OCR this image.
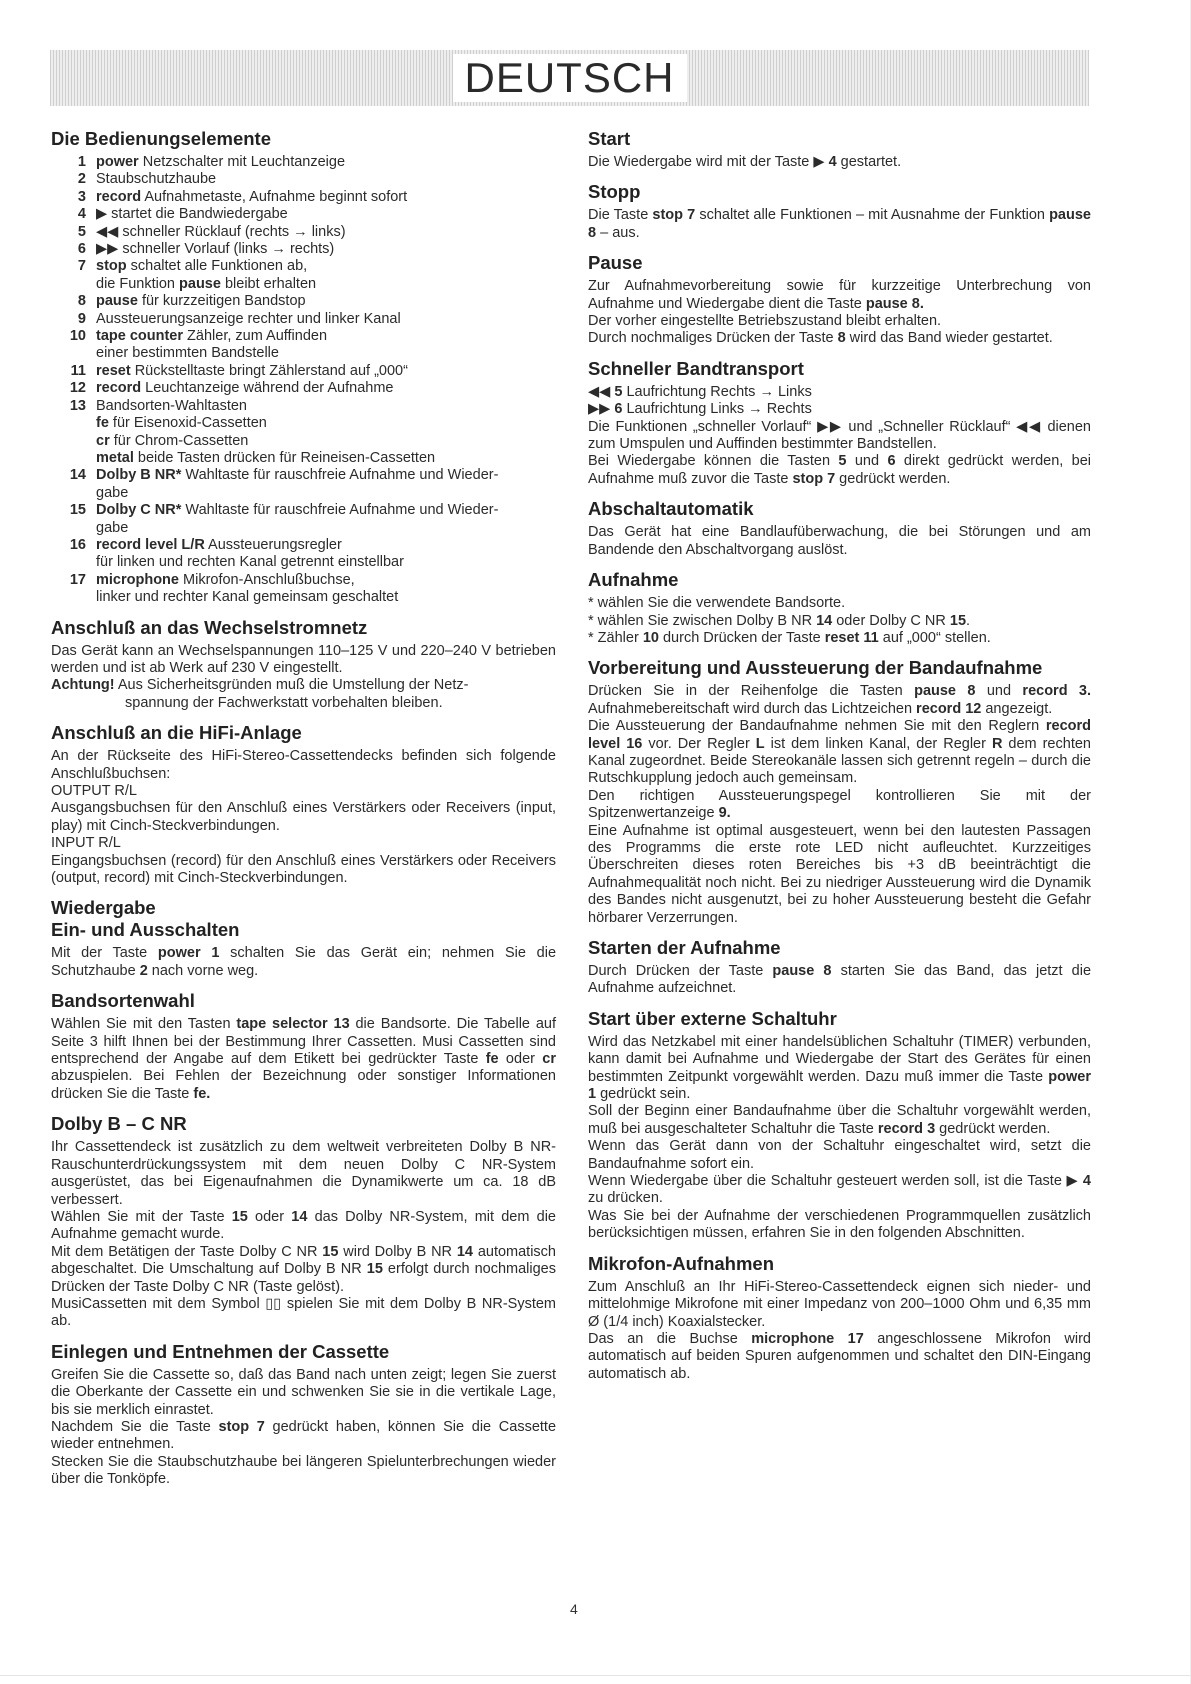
DEUTSCH
Die Bedienungselemente
1 power Netzschalter mit Leuchtanzeige
2 Staubschutzhaube
3 record Aufnahmetaste, Aufnahme beginnt sofort
4 ▶ startet die Bandwiedergabe
5 ◀◀ schneller Rücklauf (rechts → links)
6 ▶▶ schneller Vorlauf (links → rechts)
7 stop schaltet alle Funktionen ab,
die Funktion pause bleibt erhalten
8 pause für kurzzeitigen Bandstop
9 Aussteuerungsanzeige rechter und linker Kanal
10 tape counter Zähler, zum Auffinden
einer bestimmten Bandstelle
11 reset Rückstelltaste bringt Zählerstand auf „000“
12 record Leuchtanzeige während der Aufnahme
13 Bandsorten-Wahltasten
fe für Eisenoxid-Cassetten
cr für Chrom-Cassetten
metal beide Tasten drücken für Reineisen-Cassetten
14 Dolby B NR* Wahltaste für rauschfreie Aufnahme und Wieder-
gabe
15 Dolby C NR* Wahltaste für rauschfreie Aufnahme und Wieder-
gabe
16 record level L/R Aussteuerungsregler
für linken und rechten Kanal getrennt einstellbar
17 microphone Mikrofon-Anschlußbuchse,
linker und rechter Kanal gemeinsam geschaltet
Anschluß an das Wechselstromnetz

Das Gerät kann an Wechselspannungen 110–125 V und 220–240 V betrieben werden und ist ab Werk auf 230 V eingestellt.

Achtung! Aus Sicherheitsgründen muß die Umstellung der Netz-

spannung der Fachwerkstatt vorbehalten bleiben.

Anschluß an die HiFi-Anlage

An der Rückseite des HiFi-Stereo-Cassettendecks befinden sich folgende Anschlußbuchsen:

OUTPUT R/L

Ausgangsbuchsen für den Anschluß eines Verstärkers oder Receivers (input, play) mit Cinch-Steckverbindungen.

INPUT R/L

Eingangsbuchsen (record) für den Anschluß eines Verstärkers oder Receivers (output, record) mit Cinch-Steckverbindungen.

Wiedergabe
Ein- und Ausschalten

Mit der Taste power 1 schalten Sie das Gerät ein; nehmen Sie die Schutzhaube 2 nach vorne weg.

Bandsortenwahl

Wählen Sie mit den Tasten tape selector 13 die Bandsorte. Die Tabelle auf Seite 3 hilft Ihnen bei der Bestimmung Ihrer Cassetten. Musi Cassetten sind entsprechend der Angabe auf dem Etikett bei gedrückter Taste fe oder cr abzuspielen. Bei Fehlen der Bezeichnung oder sonstiger Informationen drücken Sie die Taste fe.

Dolby B – C NR

Ihr Cassettendeck ist zusätzlich zu dem weltweit verbreiteten Dolby B NR-Rauschunterdrückungssystem mit dem neuen Dolby C NR-System ausgerüstet, das bei Eigenaufnahmen die Dynamikwerte um ca. 18 dB verbessert.

Wählen Sie mit der Taste 15 oder 14 das Dolby NR-System, mit dem die Aufnahme gemacht wurde.

Mit dem Betätigen der Taste Dolby C NR 15 wird Dolby B NR 14 automatisch abgeschaltet. Die Umschaltung auf Dolby B NR 15 erfolgt durch nochmaliges Drücken der Taste Dolby C NR (Taste gelöst).

MusiCassetten mit dem Symbol ▯▯ spielen Sie mit dem Dolby B NR-System ab.

Einlegen und Entnehmen der Cassette

Greifen Sie die Cassette so, daß das Band nach unten zeigt; legen Sie zuerst die Oberkante der Cassette ein und schwenken Sie sie in die vertikale Lage, bis sie merklich einrastet.

Nachdem Sie die Taste stop 7 gedrückt haben, können Sie die Cassette wieder entnehmen.

Stecken Sie die Staubschutzhaube bei längeren Spielunterbrechungen wieder über die Tonköpfe.

Start

Die Wiedergabe wird mit der Taste ▶ 4 gestartet.

Stopp

Die Taste stop 7 schaltet alle Funktionen – mit Ausnahme der Funktion pause 8 – aus.

Pause

Zur Aufnahmevorbereitung sowie für kurzzeitige Unterbrechung von Aufnahme und Wiedergabe dient die Taste pause 8.

Der vorher eingestellte Betriebszustand bleibt erhalten.

Durch nochmaliges Drücken der Taste 8 wird das Band wieder gestartet.

Schneller Bandtransport

◀◀ 5 Laufrichtung Rechts → Links

▶▶ 6 Laufrichtung Links → Rechts

Die Funktionen „schneller Vorlauf“ ▶▶ und „Schneller Rücklauf“ ◀◀ dienen zum Umspulen und Auffinden bestimmter Bandstellen.

Bei Wiedergabe können die Tasten 5 und 6 direkt gedrückt werden, bei Aufnahme muß zuvor die Taste stop 7 gedrückt werden.

Abschaltautomatik

Das Gerät hat eine Bandlaufüberwachung, die bei Störungen und am Bandende den Abschaltvorgang auslöst.

Aufnahme

* wählen Sie die verwendete Bandsorte.

* wählen Sie zwischen Dolby B NR 14 oder Dolby C NR 15.

* Zähler 10 durch Drücken der Taste reset 11 auf „000“ stellen.

Vorbereitung und Aussteuerung der Bandaufnahme

Drücken Sie in der Reihenfolge die Tasten pause 8 und record 3. Aufnahmebereitschaft wird durch das Lichtzeichen record 12 angezeigt.

Die Aussteuerung der Bandaufnahme nehmen Sie mit den Reglern record level 16 vor. Der Regler L ist dem linken Kanal, der Regler R dem rechten Kanal zugeordnet. Beide Stereokanäle lassen sich getrennt regeln – durch die Rutschkupplung jedoch auch gemeinsam.

Den richtigen Aussteuerungspegel kontrollieren Sie mit der Spitzenwertanzeige 9.

Eine Aufnahme ist optimal ausgesteuert, wenn bei den lautesten Passagen des Programms die erste rote LED nicht aufleuchtet. Kurzzeitiges Überschreiten dieses roten Bereiches bis +3 dB beeinträchtigt die Aufnahmequalität noch nicht. Bei zu niedriger Aussteuerung wird die Dynamik des Bandes nicht ausgenutzt, bei zu hoher Aussteuerung besteht die Gefahr hörbarer Verzerrungen.

Starten der Aufnahme

Durch Drücken der Taste pause 8 starten Sie das Band, das jetzt die Aufnahme aufzeichnet.

Start über externe Schaltuhr

Wird das Netzkabel mit einer handelsüblichen Schaltuhr (TIMER) verbunden, kann damit bei Aufnahme und Wiedergabe der Start des Gerätes für einen bestimmten Zeitpunkt vorgewählt werden. Dazu muß immer die Taste power 1 gedrückt sein.

Soll der Beginn einer Bandaufnahme über die Schaltuhr vorgewählt werden, muß bei ausgeschalteter Schaltuhr die Taste record 3 gedrückt werden.

Wenn das Gerät dann von der Schaltuhr eingeschaltet wird, setzt die Bandaufnahme sofort ein.

Wenn Wiedergabe über die Schaltuhr gesteuert werden soll, ist die Taste ▶ 4 zu drücken.

Was Sie bei der Aufnahme der verschiedenen Programmquellen zusätzlich berücksichtigen müssen, erfahren Sie in den folgenden Abschnitten.

Mikrofon-Aufnahmen

Zum Anschluß an Ihr HiFi-Stereo-Cassettendeck eignen sich nieder- und mittelohmige Mikrofone mit einer Impedanz von 200–1000 Ohm und 6,35 mm Ø (1/4 inch) Koaxialstecker.

Das an die Buchse microphone 17 angeschlossene Mikrofon wird automatisch auf beiden Spuren aufgenommen und schaltet den DIN-Eingang automatisch ab.

4
